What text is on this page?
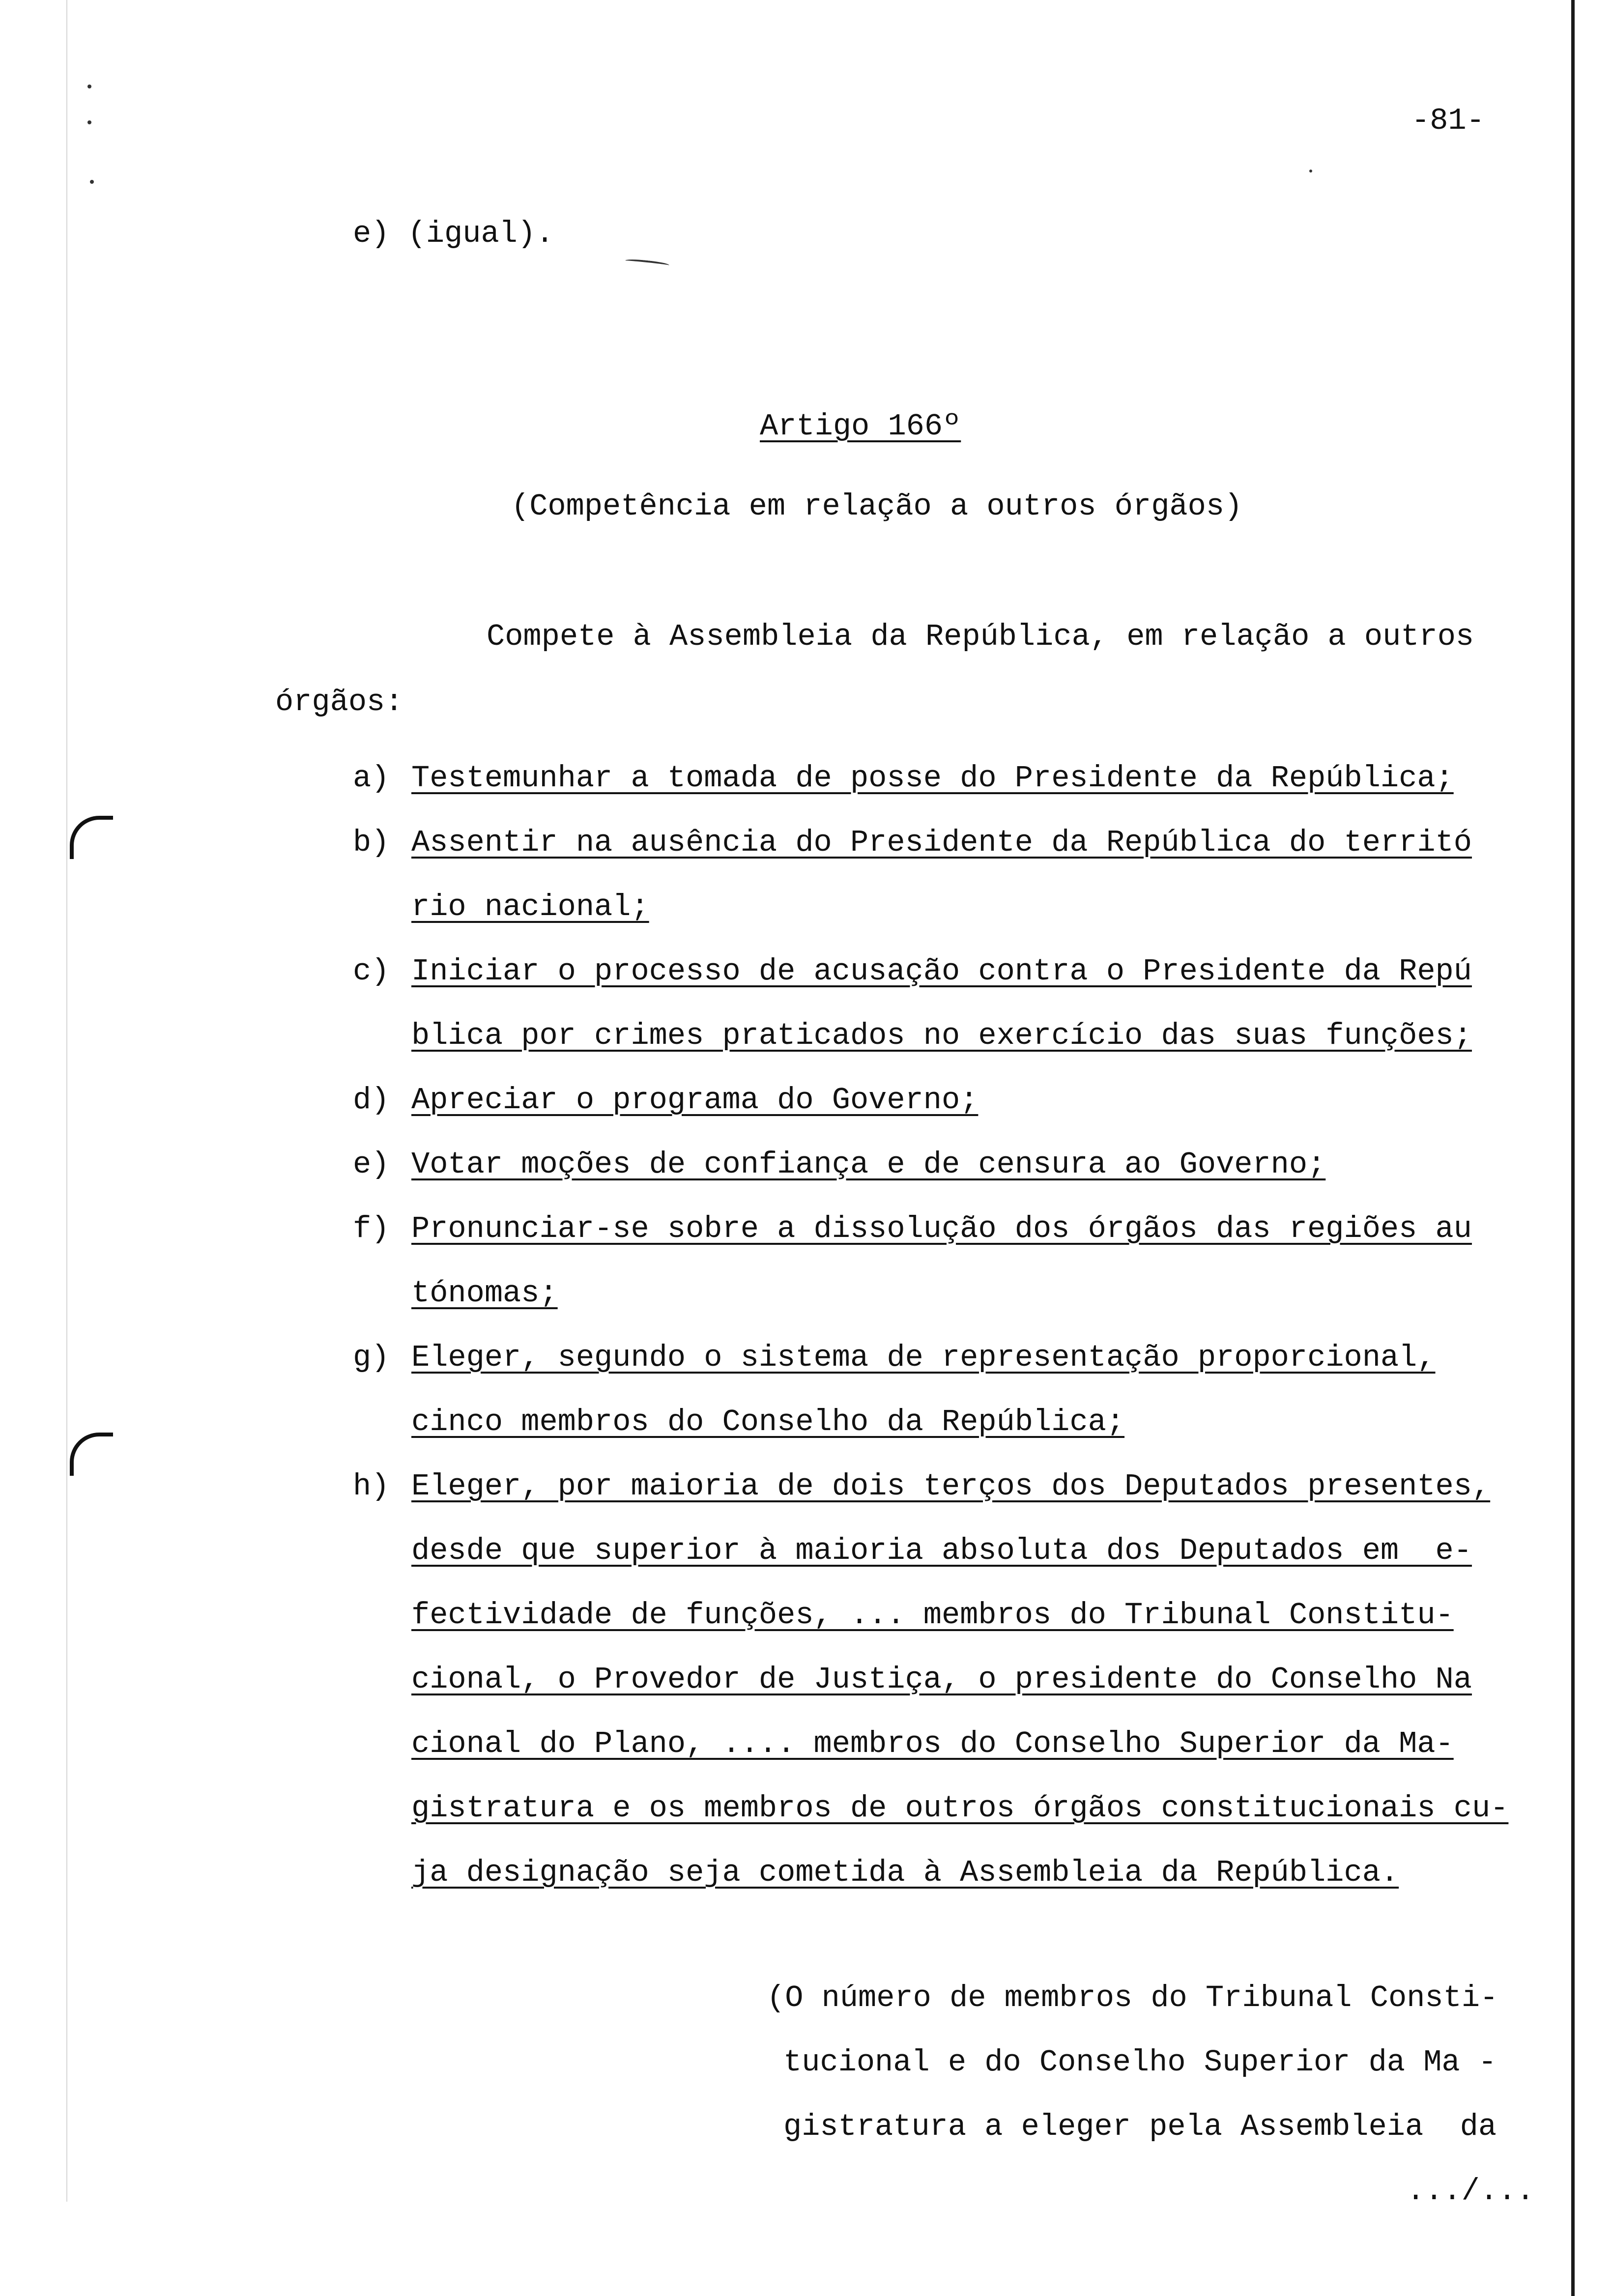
-81-
e) (igual).
Artigo 166º
(Competência em relação a outros órgãos)
Compete à Assembleia da República, em relação a outros
órgãos:
a) Testemunhar a tomada de posse do Presidente da República;
b) Assentir na ausência do Presidente da República do territó
rio nacional;
c) Iniciar o processo de acusação contra o Presidente da Repú
blica por crimes praticados no exercício das suas funções;
d) Apreciar o programa do Governo;
e) Votar moções de confiança e de censura ao Governo;
f) Pronunciar-se sobre a dissolução dos órgãos das regiões au
tónomas;
g) Eleger, segundo o sistema de representação proporcional,
cinco membros do Conselho da República;
h) Eleger, por maioria de dois terços dos Deputados presentes,
desde que superior à maioria absoluta dos Deputados em  e-
fectividade de funções, ... membros do Tribunal Constitu-
cional, o Provedor de Justiça, o presidente do Conselho Na
cional do Plano, .... membros do Conselho Superior da Ma-
gistratura e os membros de outros órgãos constitucionais cu-
ja designação seja cometida à Assembleia da República.
(O número de membros do Tribunal Consti-
tucional e do Conselho Superior da Ma -
gistratura a eleger pela Assembleia  da
.../...
